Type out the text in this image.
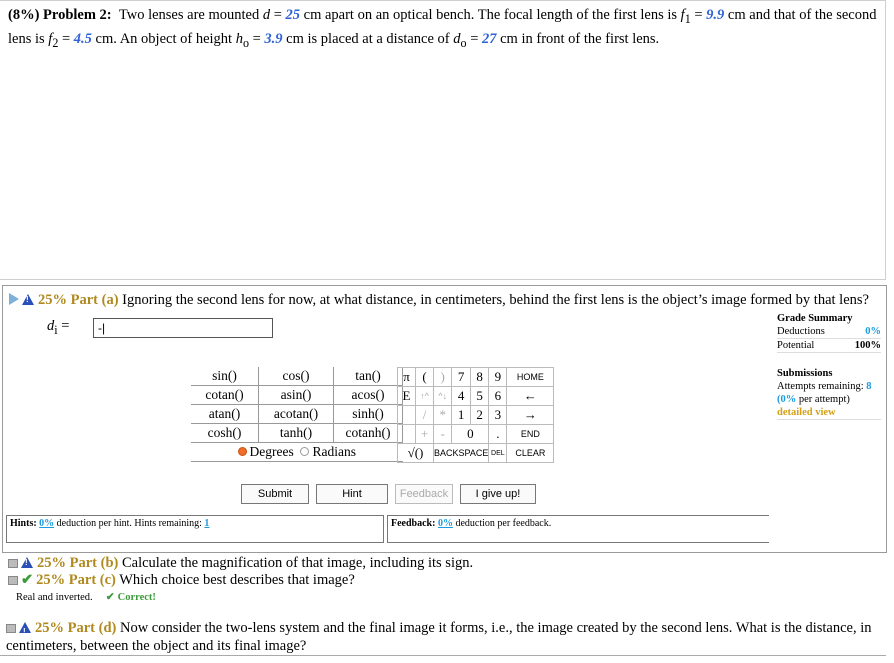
(8%) Problem 2: Two lenses are mounted d = 25 cm apart on an optical bench. The focal length of the first lens is $f_1 = 9.9$ cm and that of the second lens is $f_2 = 4.5$ cm. An object of height $h_o = 3.9$ cm is placed at a distance of $d_o = 27$ cm in front of the first lens.
!25% Part (a) Ignoring the second lens for now, at what distance, in centimeters, behind the first lens is the object’s image formed by that lens?
$d_i$ =	-|
Grade Summary
Deductions	0%
Potential	100%
Submissions
Attempts remaining: 8
(0% per attempt)
detailed view
sin()	cos()	tan()
cotan()	asin()	acos()
atan()	acotan()	sinh()
cosh()	tanh()	cotanh()
Degrees Radians		
π	(	)	7	8	9	HOME
E	↑^	^↓	4	5	6	←
	/	*	1	2	3	→
	+	-	0		.	END
√()		BACKSPACE			DEL	CLEAR
Submit	Hint	Feedback	I give up!
Hints: 0% deduction per hint. Hints remaining: 1	Feedback: 0% deduction per feedback.
!25% Part (b) Calculate the magnification of that image, including its sign.
✔ 25% Part (c) Which choice best describes that image?
Real and inverted. ✔ Correct!
!25% Part (d) Now consider the two-lens system and the final image it forms, i.e., the image created by the second lens. What is the distance, in
centimeters, between the object and its final image?
